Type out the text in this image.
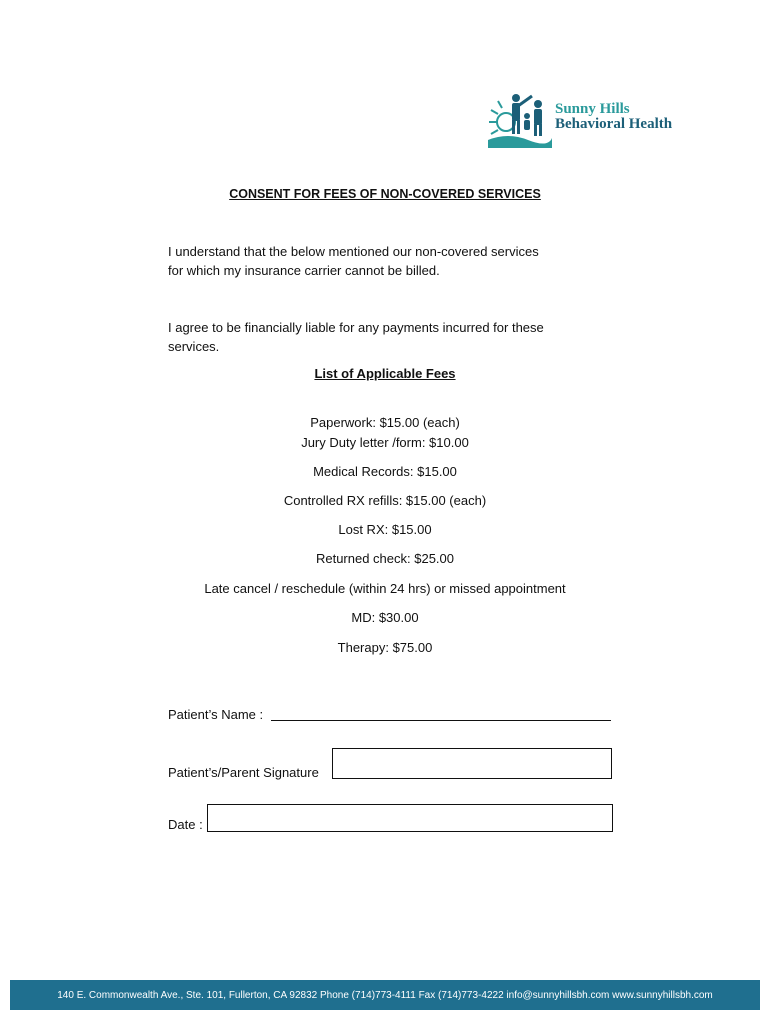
Sunny Hills
Behavioral Health
CONSENT FOR FEES OF NON-COVERED SERVICES

I understand that the below mentioned our non-covered services
for which my insurance carrier cannot be billed.

I agree to be financially liable for any payments incurred for these
services.

List of Applicable Fees
Paperwork: $15.00 (each)
Jury Duty letter /form: $10.00
Medical Records: $15.00
Controlled RX refills: $15.00 (each)
Lost RX: $15.00
Returned check: $25.00
Late cancel / reschedule (within 24 hrs) or missed appointment
MD: $30.00
Therapy: $75.00
Patient’s Name :
Patient’s/Parent Signature
Date :
140 E. Commonwealth Ave., Ste. 101, Fullerton, CA 92832 Phone (714)773-4111 Fax (714)773-4222 info@sunnyhillsbh.com www.sunnyhillsbh.com
